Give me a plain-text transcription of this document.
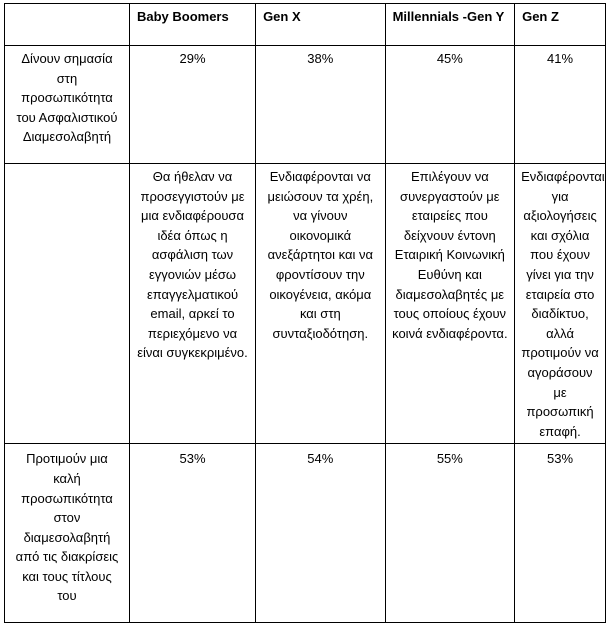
	Baby Boomers	Gen X	Millennials -Gen Y	Gen Z
Δίνουν σημασία στη προσωπικότητα του Ασφαλιστικού Διαμεσολαβητή	29%	38%	45%	41%
	Θα ήθελαν να προσεγγιστούν με μια ενδιαφέρουσα ιδέα όπως η ασφάλιση των εγγονιών μέσω επαγγελματικού email, αρκεί το περιεχόμενο να είναι συγκεκριμένο.	Ενδιαφέρονται να μειώσουν τα χρέη, να γίνουν οικονομικά ανεξάρτητοι και να φροντίσουν την οικογένεια, ακόμα και στη συνταξιοδότηση.	Επιλέγουν να συνεργαστούν με εταιρείες που δείχνουν έντονη Εταιρική Κοινωνική Ευθύνη και διαμεσολαβητές με τους οποίους έχουν κοινά ενδιαφέροντα.	Ενδιαφέρονται για αξιολογήσεις και σχόλια που έχουν γίνει για την εταιρεία στο διαδίκτυο, αλλά προτιμούν να αγοράσουν με προσωπική επαφή.
Προτιμούν μια καλή προσωπικότητα στον διαμεσολαβητή από τις διακρίσεις και τους τίτλους του	53%	54%	55%	53%
